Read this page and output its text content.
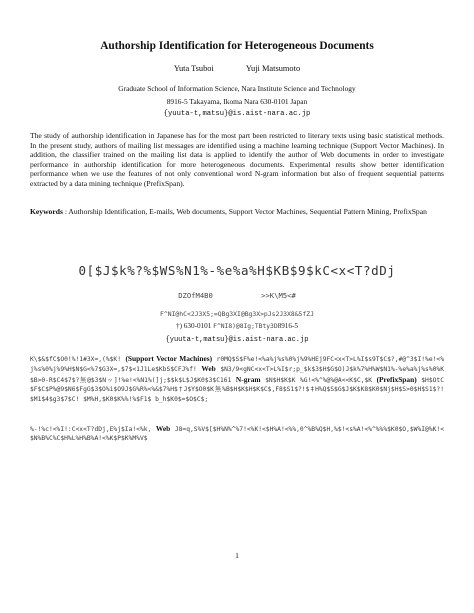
Authorship Identification for Heterogeneous Documents
Yuta Tsuboi	Yuji Matsumoto
Graduate School of Information Science, Nara Institute Science and Technology
8916-5 Takayama, Ikoma Nara 630-0101 Japan
{yuuta-t,matsu}@is.aist-nara.ac.jp
The study of authorship identification in Japanese has for the most part been restricted to literary texts using basic statistical methods. In the present study, authors of mailing list messages are identified using a machine learning technique (Support Vector Machines). In addition, the classifier trained on the mailing list data is applied to identify the author of Web documents in order to investigate performance in authorship identification for more heterogeneous documents. Experimental results show better identification performance when we use the features of not only conventional word N-gram information but also of frequent sequential patterns extracted by a data mining technique (PrefixSpan).
Keywords : Authorship Identification, E-mails, Web documents, Support Vector Machines, Sequential Pattern Mining, PrefixSpan
0[$J$k%?%$WS%N1%-%e%a%H$KB$9$kC<x<T?dDj
DZOfM4B0	>>K\M5<#
F^NI@hC<2J3X5;=QBg3XI@Bg3X>pJs2J3X8&5fZJ
†) 630-0101 F^NI8)@8Ig;TBty3D8916-5
{yuuta-t,matsu}@is.aist-nara.ac.jp
K\$&$fC$O0!%!1#3X=,(%$K! (Support Vector Machines) r0MQ$S$F%e!<%a%j%s%0%j%9%HEj9FC<x<T>L%I$s9T$C$?,#@^3$I!%e!<%j%s%0%j%9%H$N$G<%7$G3X=,$7$<1J1Le$KbS$CFJ%f! Web $N3/9<gNC<x<T>L%I$r;p_$k$3$H$G$O)J$k%7%H%W$N1%-%e%a%j%s%0%K$B>0-R$C4$7$?無@$3$Nッ]!%e!<%N1%(]j;$$k$L$J$K0$3$C161 N-gram $N$H$K$K %G!<%^%@%@A<<K$C,$K (PrefixSpan) $H$OtC$F$C$P%@9$N6$FgG$3$O%i$O9J$G%R%<%&$7%H$†J$Y$O0$K無%B$H$K$H$K$C$,F8$S1$?!$‡H%Q$S$G$J$K$K8$K0$Nj$H$S>0$H$S1$?!$M1$4$g3$7$C! $M%H,$K0$K%%!%$F1$ b_h$K0$=$O$C$;
%-!%c!<%I!:C<x<T?dDj,E%j$Ia!<%k, Web J8=q,S%V$[$H%N%^%7!<%K!<$H%A!<%%,0^%B%Q$H,%$!<s%A!<%^%%%$K0$O,$W%I@%K!<$N%B%C%C$H%L%H%B%A!<%K$P$K%M%V$
1
